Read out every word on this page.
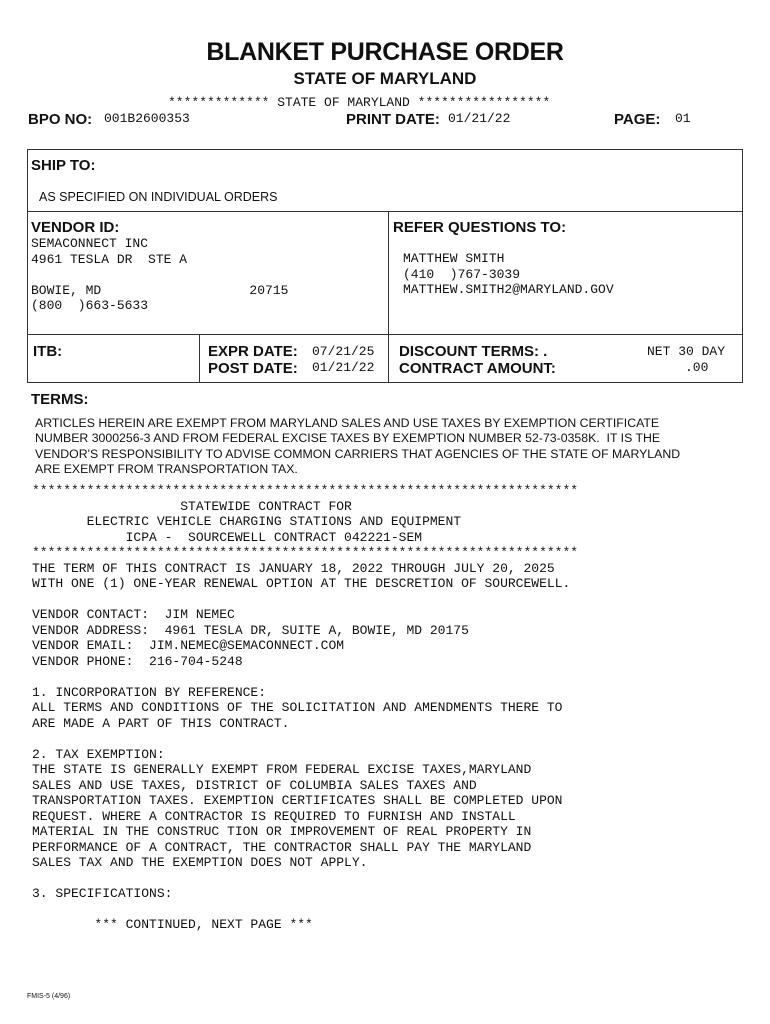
BLANKET PURCHASE ORDER
STATE OF MARYLAND
************* STATE OF MARYLAND *****************
BPO NO: 001B2600353	PRINT DATE: 01/21/22	PAGE: 01
SHIP TO:
AS SPECIFIED ON INDIVIDUAL ORDERS
VENDOR ID:
SEMACONNECT INC
4961 TESLA DR  STE A

BOWIE, MD                   20715
(800  )663-5633
REFER QUESTIONS TO:
MATTHEW SMITH
(410  )767-3039
MATTHEW.SMITH2@MARYLAND.GOV
ITB:	EXPR DATE: 07/21/25
POST DATE: 01/21/22
DISCOUNT TERMS: .	NET 30 DAY
CONTRACT AMOUNT:	.00
TERMS:
ARTICLES HEREIN ARE EXEMPT FROM MARYLAND SALES AND USE TAXES BY EXEMPTION CERTIFICATE
NUMBER 3000256-3 AND FROM FEDERAL EXCISE TAXES BY EXEMPTION NUMBER 52-73-0358K.  IT IS THE
VENDOR'S RESPONSIBILITY TO ADVISE COMMON CARRIERS THAT AGENCIES OF THE STATE OF MARYLAND
ARE EXEMPT FROM TRANSPORTATION TAX.
**********************************************************************
STATEWIDE CONTRACT FOR
ELECTRIC VEHICLE CHARGING STATIONS AND EQUIPMENT
ICPA -  SOURCEWELL CONTRACT 042221-SEM
**********************************************************************
THE TERM OF THIS CONTRACT IS JANUARY 18, 2022 THROUGH JULY 20, 2025
WITH ONE (1) ONE-YEAR RENEWAL OPTION AT THE DESCRETION OF SOURCEWELL.

VENDOR CONTACT:  JIM NEMEC
VENDOR ADDRESS:  4961 TESLA DR, SUITE A, BOWIE, MD 20175
VENDOR EMAIL:  JIM.NEMEC@SEMACONNECT.COM
VENDOR PHONE:  216-704-5248

1. INCORPORATION BY REFERENCE:
ALL TERMS AND CONDITIONS OF THE SOLICITATION AND AMENDMENTS THERE TO
ARE MADE A PART OF THIS CONTRACT.

2. TAX EXEMPTION:
THE STATE IS GENERALLY EXEMPT FROM FEDERAL EXCISE TAXES,MARYLAND
SALES AND USE TAXES, DISTRICT OF COLUMBIA SALES TAXES AND
TRANSPORTATION TAXES. EXEMPTION CERTIFICATES SHALL BE COMPLETED UPON
REQUEST. WHERE A CONTRACTOR IS REQUIRED TO FURNISH AND INSTALL
MATERIAL IN THE CONSTRUC TION OR IMPROVEMENT OF REAL PROPERTY IN
PERFORMANCE OF A CONTRACT, THE CONTRACTOR SHALL PAY THE MARYLAND
SALES TAX AND THE EXEMPTION DOES NOT APPLY.

3. SPECIFICATIONS:

*** CONTINUED, NEXT PAGE ***
FMIS-5 (4/96)
